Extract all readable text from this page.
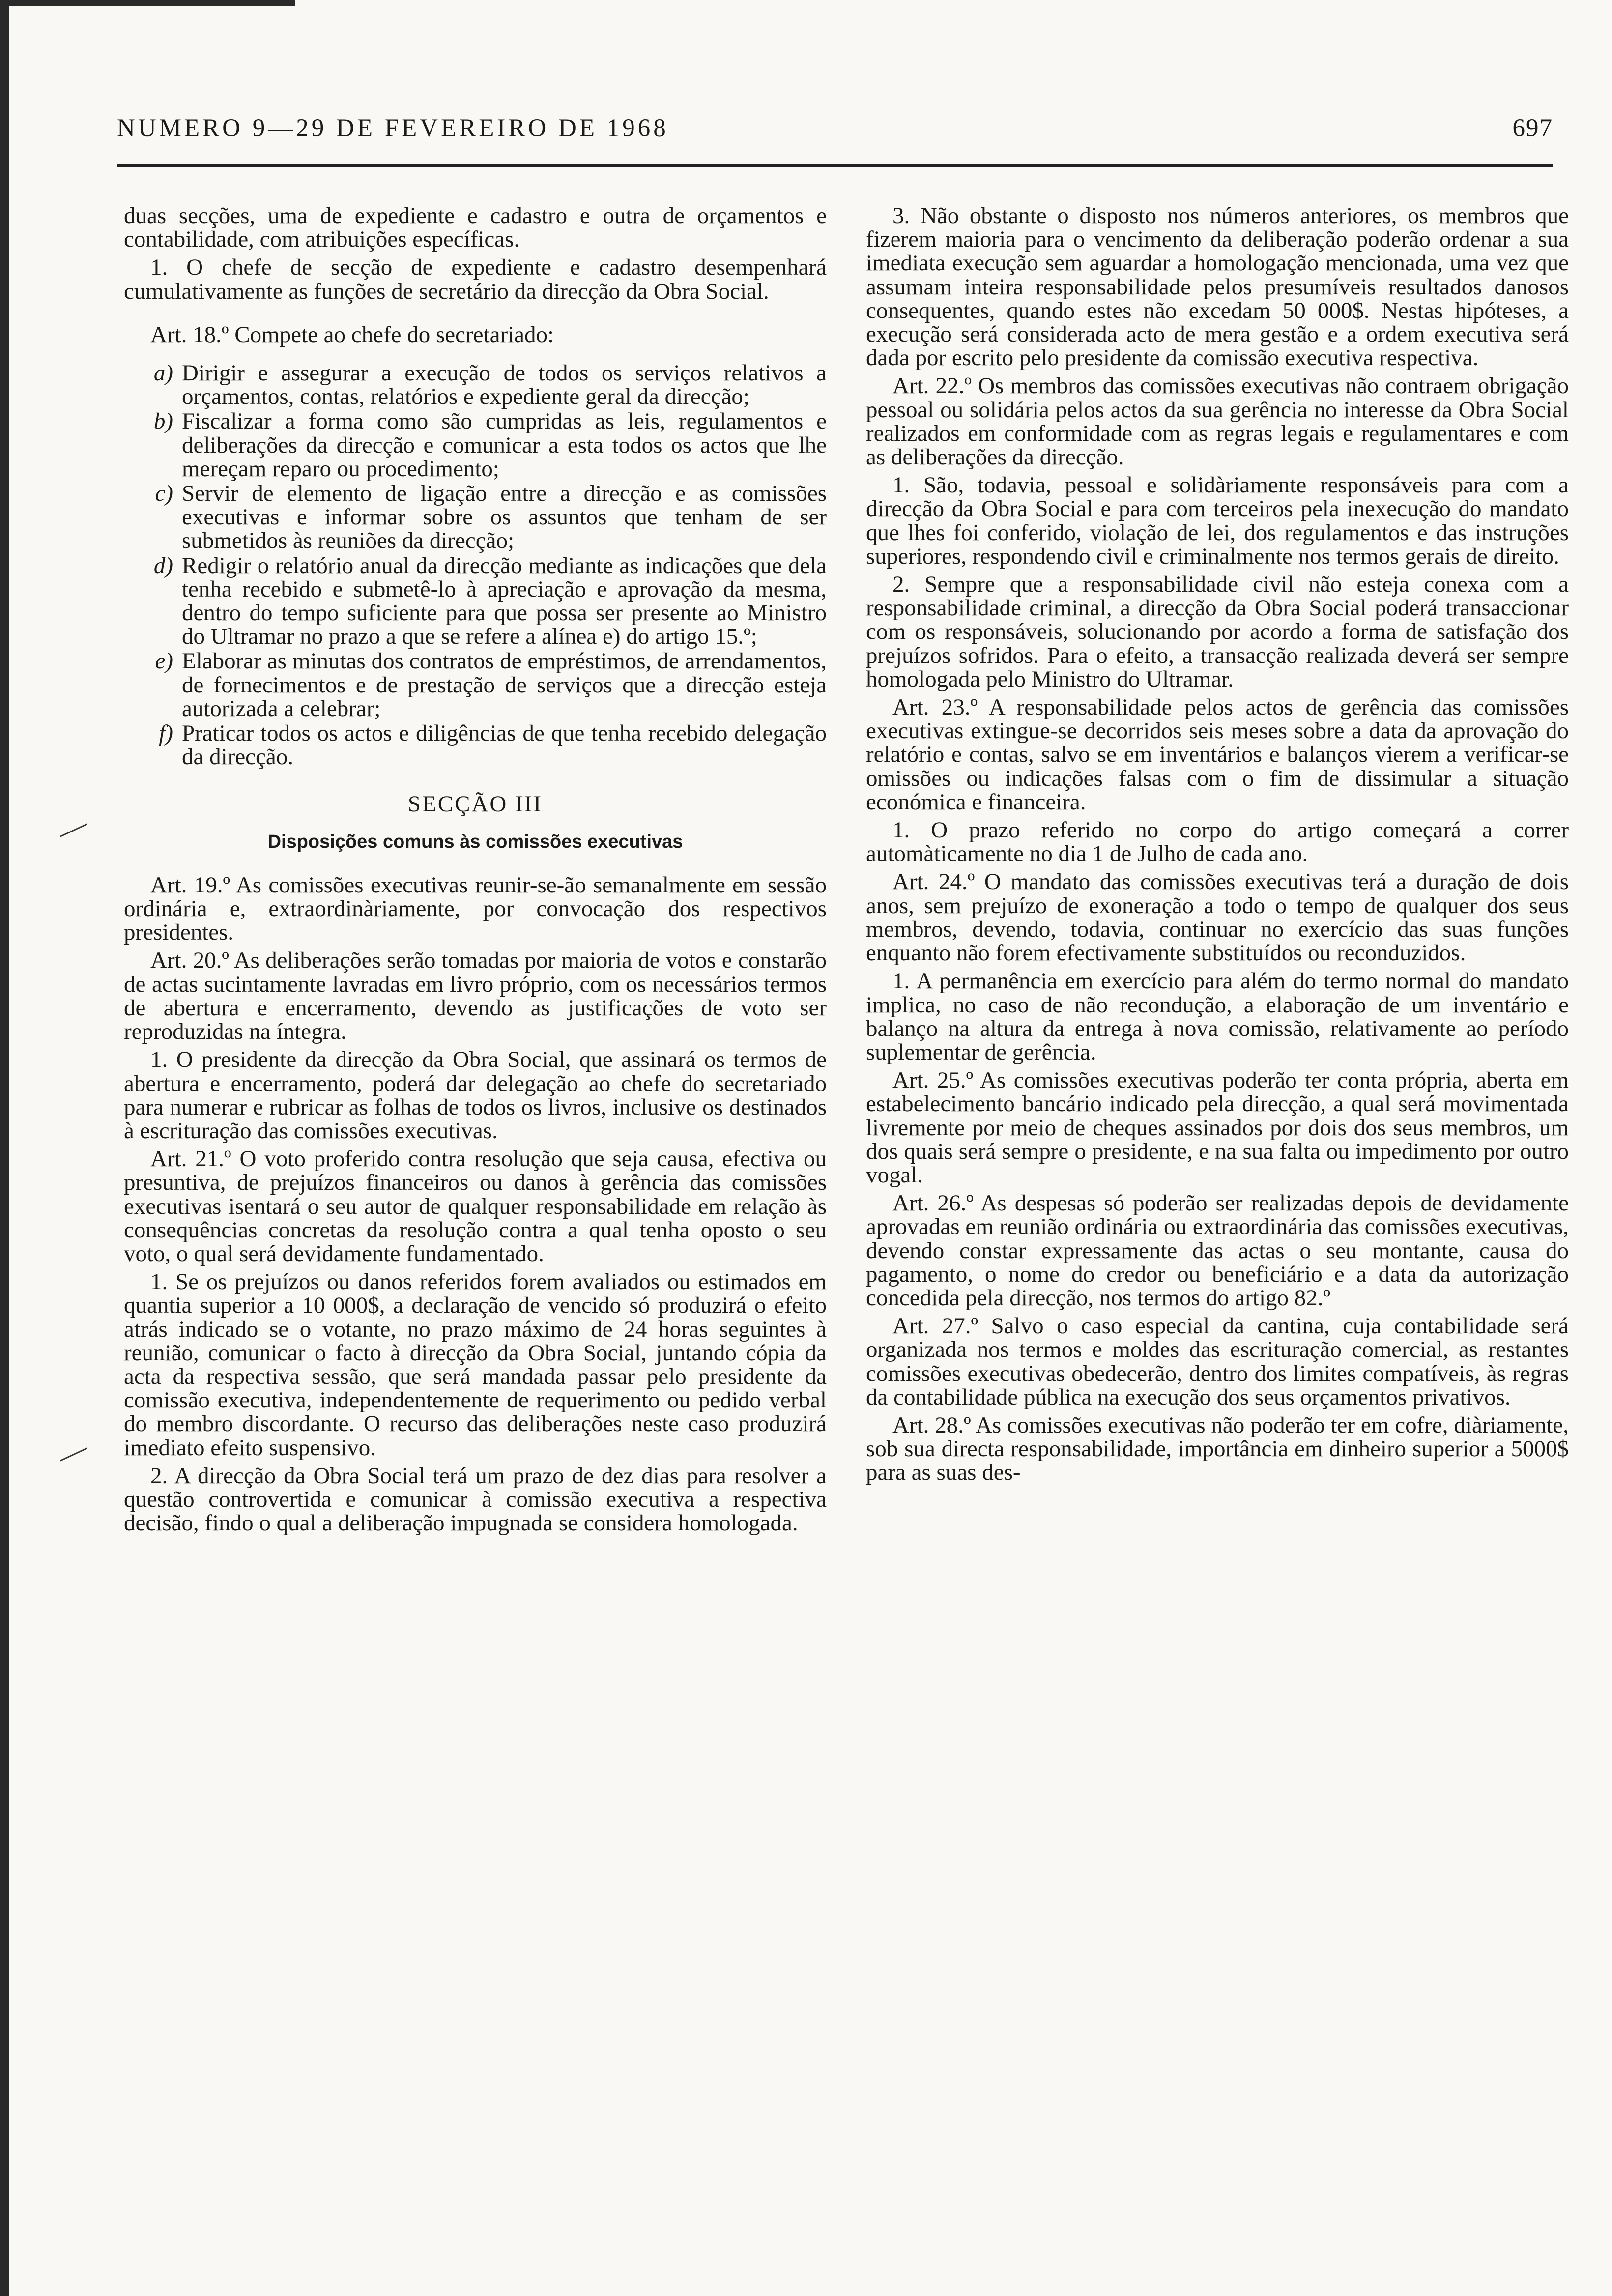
NUMERO 9—29 DE FEVEREIRO DE 1968	697

duas secções, uma de expediente e cadastro e outra de orçamentos e contabilidade, com atribuições específicas.

1. O chefe de secção de expediente e cadastro desempenhará cumulativamente as funções de secretário da direcção da Obra Social.

Art. 18.º Compete ao chefe do secretariado:

a) Dirigir e assegurar a execução de todos os serviços relativos a orçamentos, contas, relatórios e expediente geral da direcção;
b) Fiscalizar a forma como são cumpridas as leis, regulamentos e deliberações da direcção e comunicar a esta todos os actos que lhe mereçam reparo ou procedimento;
c) Servir de elemento de ligação entre a direcção e as comissões executivas e informar sobre os assuntos que tenham de ser submetidos às reuniões da direcção;
d) Redigir o relatório anual da direcção mediante as indicações que dela tenha recebido e submetê-lo à apreciação e aprovação da mesma, dentro do tempo suficiente para que possa ser presente ao Ministro do Ultramar no prazo a que se refere a alínea e) do artigo 15.º;
e) Elaborar as minutas dos contratos de empréstimos, de arrendamentos, de fornecimentos e de prestação de serviços que a direcção esteja autorizada a celebrar;
f) Praticar todos os actos e diligências de que tenha recebido delegação da direcção.
SECÇÃO III
Disposições comuns às comissões executivas

Art. 19.º As comissões executivas reunir-se-ão semanalmente em sessão ordinária e, extraordinàriamente, por convocação dos respectivos presidentes.

Art. 20.º As deliberações serão tomadas por maioria de votos e constarão de actas sucintamente lavradas em livro próprio, com os necessários termos de abertura e encerramento, devendo as justificações de voto ser reproduzidas na íntegra.

1. O presidente da direcção da Obra Social, que assinará os termos de abertura e encerramento, poderá dar delegação ao chefe do secretariado para numerar e rubricar as folhas de todos os livros, inclusive os destinados à escrituração das comissões executivas.

Art. 21.º O voto proferido contra resolução que seja causa, efectiva ou presuntiva, de prejuízos financeiros ou danos à gerência das comissões executivas isentará o seu autor de qualquer responsabilidade em relação às consequências concretas da resolução contra a qual tenha oposto o seu voto, o qual será devidamente fundamentado.

1. Se os prejuízos ou danos referidos forem avaliados ou estimados em quantia superior a 10 000$, a declaração de vencido só produzirá o efeito atrás indicado se o votante, no prazo máximo de 24 horas seguintes à reunião, comunicar o facto à direcção da Obra Social, juntando cópia da acta da respectiva sessão, que será mandada passar pelo presidente da comissão executiva, independentemente de requerimento ou pedido verbal do membro discordante. O recurso das deliberações neste caso produzirá imediato efeito suspensivo.

2. A direcção da Obra Social terá um prazo de dez dias para resolver a questão controvertida e comunicar à comissão executiva a respectiva decisão, findo o qual a deliberação impugnada se considera homologada.

3. Não obstante o disposto nos números anteriores, os membros que fizerem maioria para o vencimento da deliberação poderão ordenar a sua imediata execução sem aguardar a homologação mencionada, uma vez que assumam inteira responsabilidade pelos presumíveis resultados danosos consequentes, quando estes não excedam 50 000$. Nestas hipóteses, a execução será considerada acto de mera gestão e a ordem executiva será dada por escrito pelo presidente da comissão executiva respectiva.

Art. 22.º Os membros das comissões executivas não contraem obrigação pessoal ou solidária pelos actos da sua gerência no interesse da Obra Social realizados em conformidade com as regras legais e regulamentares e com as deliberações da direcção.

1. São, todavia, pessoal e solidàriamente responsáveis para com a direcção da Obra Social e para com terceiros pela inexecução do mandato que lhes foi conferido, violação de lei, dos regulamentos e das instruções superiores, respondendo civil e criminalmente nos termos gerais de direito.

2. Sempre que a responsabilidade civil não esteja conexa com a responsabilidade criminal, a direcção da Obra Social poderá transaccionar com os responsáveis, solucionando por acordo a forma de satisfação dos prejuízos sofridos. Para o efeito, a transacção realizada deverá ser sempre homologada pelo Ministro do Ultramar.

Art. 23.º A responsabilidade pelos actos de gerência das comissões executivas extingue-se decorridos seis meses sobre a data da aprovação do relatório e contas, salvo se em inventários e balanços vierem a verificar-se omissões ou indicações falsas com o fim de dissimular a situação económica e financeira.

1. O prazo referido no corpo do artigo começará a correr automàticamente no dia 1 de Julho de cada ano.

Art. 24.º O mandato das comissões executivas terá a duração de dois anos, sem prejuízo de exoneração a todo o tempo de qualquer dos seus membros, devendo, todavia, continuar no exercício das suas funções enquanto não forem efectivamente substituídos ou reconduzidos.

1. A permanência em exercício para além do termo normal do mandato implica, no caso de não recondução, a elaboração de um inventário e balanço na altura da entrega à nova comissão, relativamente ao período suplementar de gerência.

Art. 25.º As comissões executivas poderão ter conta própria, aberta em estabelecimento bancário indicado pela direcção, a qual será movimentada livremente por meio de cheques assinados por dois dos seus membros, um dos quais será sempre o presidente, e na sua falta ou impedimento por outro vogal.

Art. 26.º As despesas só poderão ser realizadas depois de devidamente aprovadas em reunião ordinária ou extraordinária das comissões executivas, devendo constar expressamente das actas o seu montante, causa do pagamento, o nome do credor ou beneficiário e a data da autorização concedida pela direcção, nos termos do artigo 82.º

Art. 27.º Salvo o caso especial da cantina, cuja contabilidade será organizada nos termos e moldes das escrituração comercial, as restantes comissões executivas obedecerão, dentro dos limites compatíveis, às regras da contabilidade pública na execução dos seus orçamentos privativos.

Art. 28.º As comissões executivas não poderão ter em cofre, diàriamente, sob sua directa responsabilidade, importância em dinheiro superior a 5000$ para as suas des-
